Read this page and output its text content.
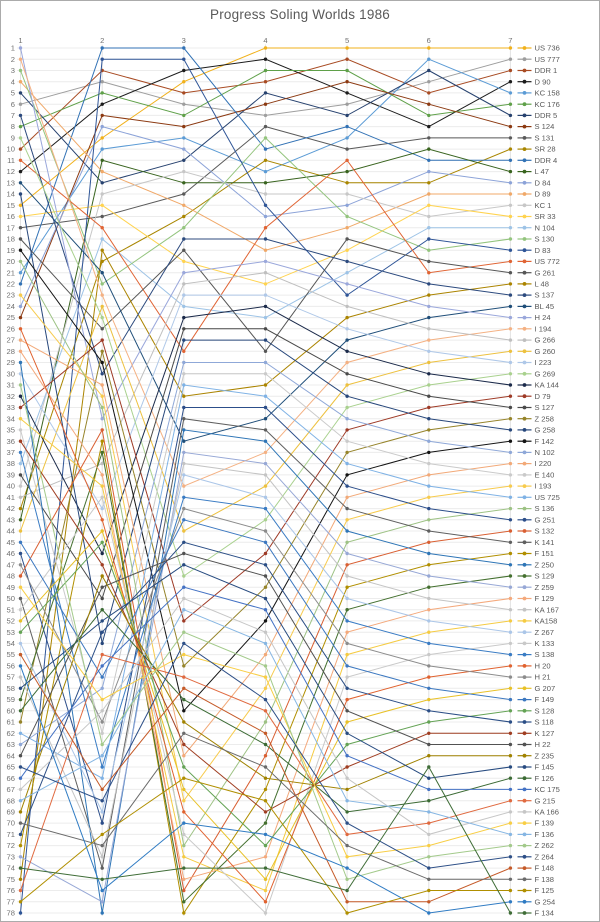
Progress Soling Worlds 1986
1
2
3
4
5
6
7
8
9
10
11
12
13
14
15
16
17
18
19
20
21
22
23
24
25
26
27
28
29
30
31
32
33
34
35
36
37
38
39
40
41
42
43
44
45
46
47
48
49
50
51
52
53
54
55
56
57
58
59
60
61
62
63
64
65
66
67
68
69
70
71
72
73
74
75
76
77
78
1	2	3	4	5	6	7
US 736
US 777
DDR 1
D 90
KC 158
KC 176
DDR 5
S 124
S 131
SR 28
DDR 4
L 47
D 84
D 89
KC 1
SR 33
N 104
S 130
D 83
US 772
G 261
L 48
S 137
BL 45
H 24
I 194
G 266
G 260
I 223
G 269
KA 144
D 79
S 127
Z 258
G 258
F 142
N 102
I 220
E 140
I 193
US 725
S 136
G 251
S 132
K 141
F 151
Z 250
S 129
Z 259
F 129
KA 167
KA158
Z 267
K 133
S 138
H 20
H 21
G 207
F 149
S 128
S 118
K 127
H 22
Z 235
F 145
F 126
KC 175
G 215
KA 166
F 139
F 136
Z 262
Z 264
F 148
F 138
F 125
G 254
F 134
